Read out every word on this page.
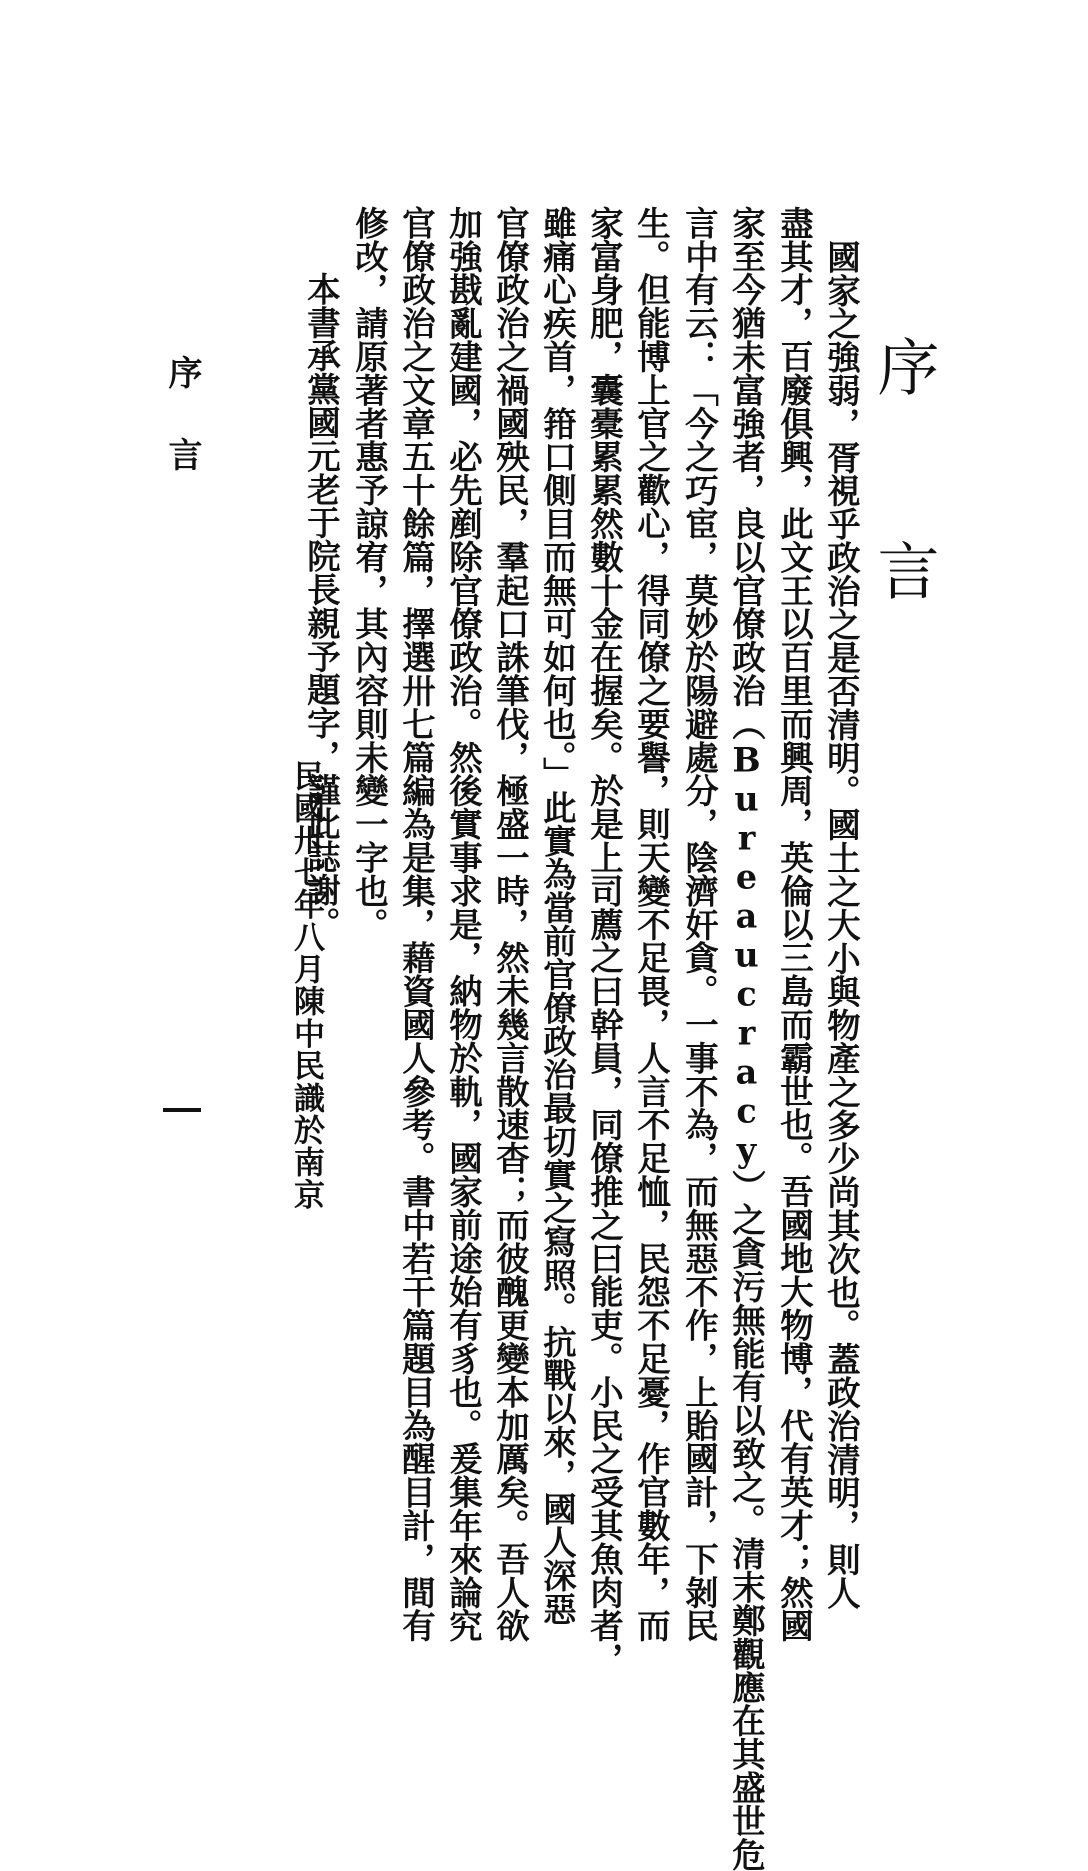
序　言
國家之強弱，胥視乎政治之是否清明。國土之大小與物產之多少尚其次也。蓋政治清明，則人
盡其才，百廢俱興，此文王以百里而興周，英倫以三島而霸世也。吾國地大物博，代有英才；然國
家至今猶未富強者，良以官僚政治（Bureaucracy）之貪污無能有以致之。清末鄭觀應在其盛世危
言中有云：「今之巧宦，莫妙於陽避處分，陰濟奸貪。一事不為，而無惡不作，上貽國計，下剝民
生。但能博上官之歡心，得同僚之要譽，則天變不足畏，人言不足恤，民怨不足憂，作官數年，而
家富身肥，囊橐累累然數十金在握矣。於是上司薦之曰幹員，同僚推之曰能吏。小民之受其魚肉者，
雖痛心疾首，箝口側目而無可如何也。」此實為當前官僚政治最切實之寫照。抗戰以來，國人深惡
官僚政治之禍國殃民，羣起口誅筆伐，極盛一時，然未幾言散速杳；而彼醜更變本加厲矣。吾人欲
加強戡亂建國，必先剷除官僚政治。然後實事求是，納物於軌，國家前途始有豸也。爰集年來論究
官僚政治之文章五十餘篇，擇選卅七篇編為是集，藉資國人參考。書中若干篇題目為醒目計，間有
修改，請原著者惠予諒宥，其內容則未變一字也。
本書承黨國元老于院長親予題字，謹此誌謝。
民國卅七年八月陳中民識於南京
序言
